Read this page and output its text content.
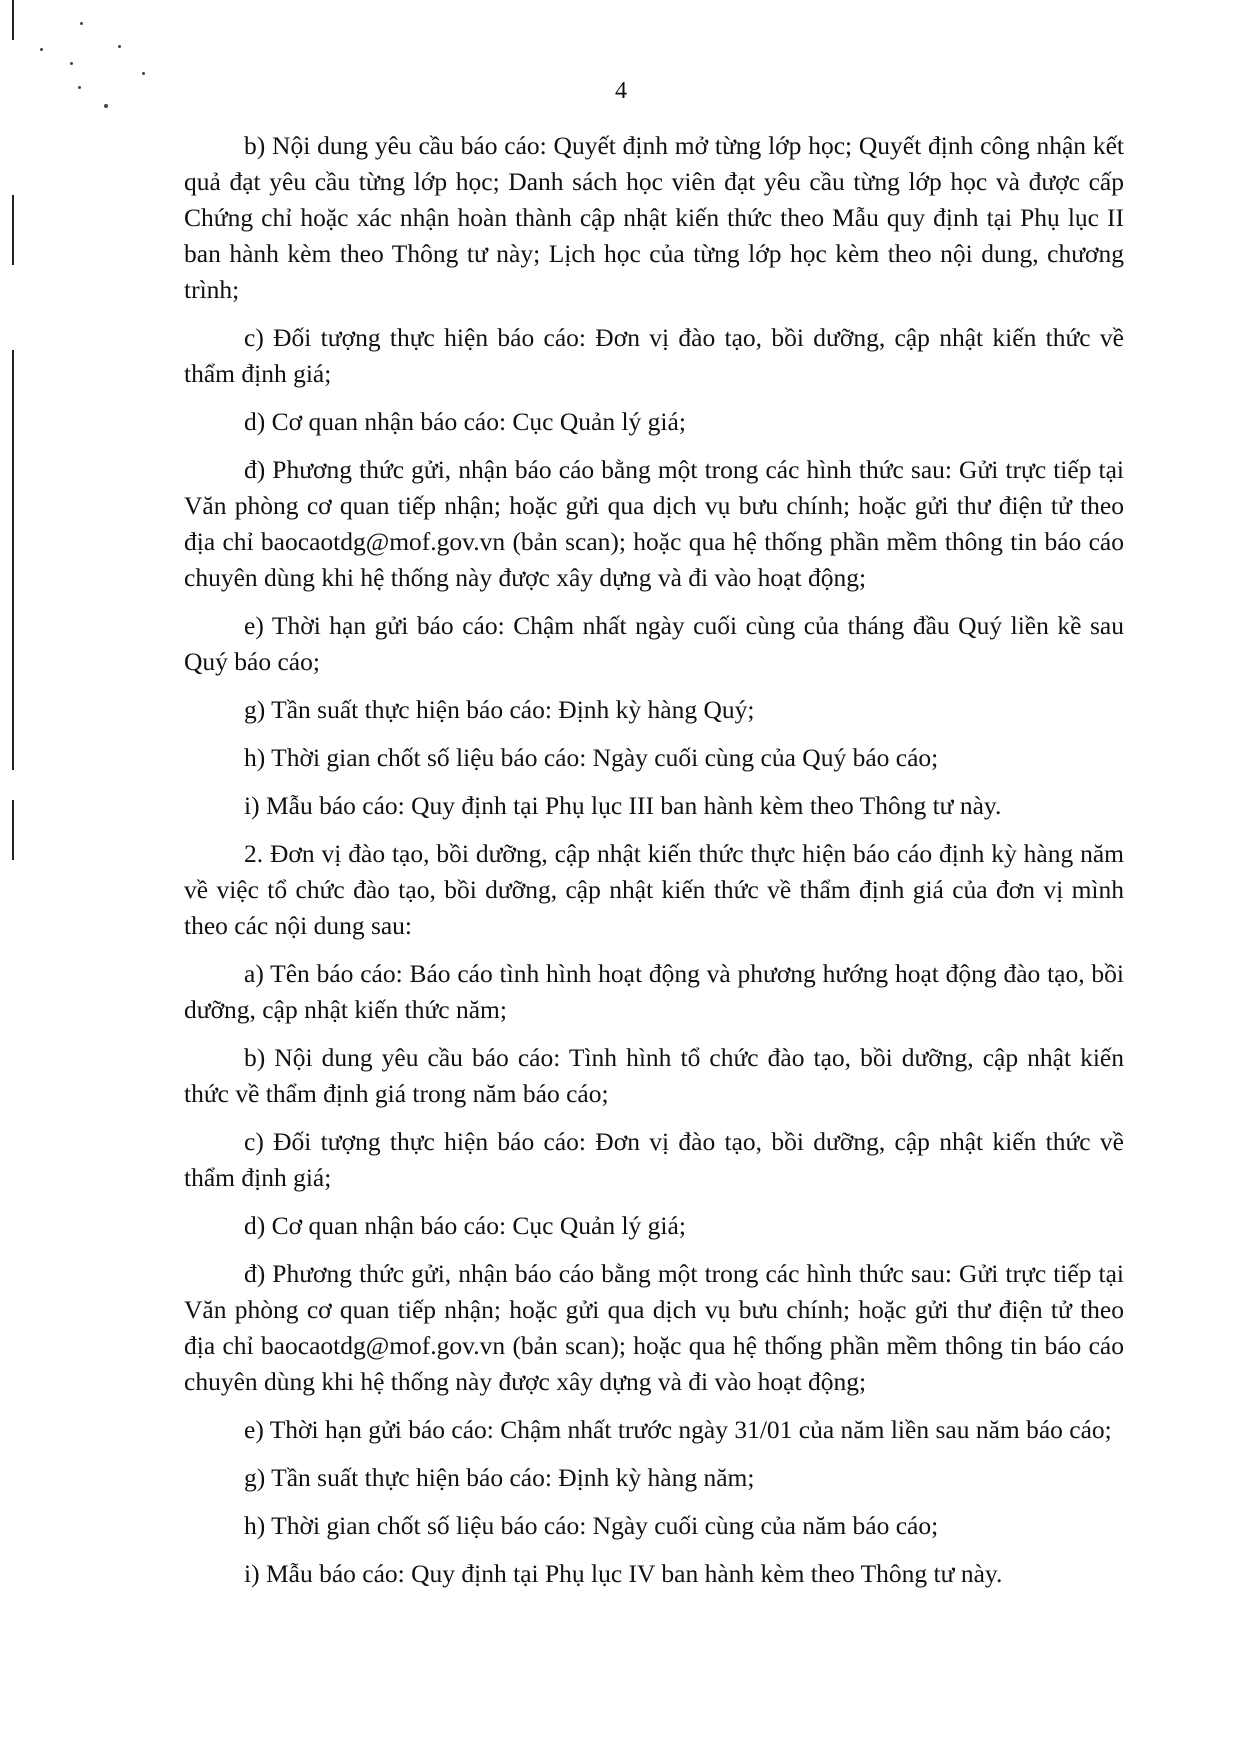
4

b) Nội dung yêu cầu báo cáo: Quyết định mở từng lớp học; Quyết định công nhận kết quả đạt yêu cầu từng lớp học; Danh sách học viên đạt yêu cầu từng lớp học và được cấp Chứng chỉ hoặc xác nhận hoàn thành cập nhật kiến thức theo Mẫu quy định tại Phụ lục II ban hành kèm theo Thông tư này; Lịch học của từng lớp học kèm theo nội dung, chương trình;

c) Đối tượng thực hiện báo cáo: Đơn vị đào tạo, bồi dưỡng, cập nhật kiến thức về thẩm định giá;

d) Cơ quan nhận báo cáo: Cục Quản lý giá;

đ) Phương thức gửi, nhận báo cáo bằng một trong các hình thức sau: Gửi trực tiếp tại Văn phòng cơ quan tiếp nhận; hoặc gửi qua dịch vụ bưu chính; hoặc gửi thư điện tử theo địa chỉ baocaotdg@mof.gov.vn (bản scan); hoặc qua hệ thống phần mềm thông tin báo cáo chuyên dùng khi hệ thống này được xây dựng và đi vào hoạt động;

e) Thời hạn gửi báo cáo: Chậm nhất ngày cuối cùng của tháng đầu Quý liền kề sau Quý báo cáo;

g) Tần suất thực hiện báo cáo: Định kỳ hàng Quý;

h) Thời gian chốt số liệu báo cáo: Ngày cuối cùng của Quý báo cáo;

i) Mẫu báo cáo: Quy định tại Phụ lục III ban hành kèm theo Thông tư này.

2. Đơn vị đào tạo, bồi dưỡng, cập nhật kiến thức thực hiện báo cáo định kỳ hàng năm về việc tổ chức đào tạo, bồi dưỡng, cập nhật kiến thức về thẩm định giá của đơn vị mình theo các nội dung sau:

a) Tên báo cáo: Báo cáo tình hình hoạt động và phương hướng hoạt động đào tạo, bồi dưỡng, cập nhật kiến thức năm;

b) Nội dung yêu cầu báo cáo: Tình hình tổ chức đào tạo, bồi dưỡng, cập nhật kiến thức về thẩm định giá trong năm báo cáo;

c) Đối tượng thực hiện báo cáo: Đơn vị đào tạo, bồi dưỡng, cập nhật kiến thức về thẩm định giá;

d) Cơ quan nhận báo cáo: Cục Quản lý giá;

đ) Phương thức gửi, nhận báo cáo bằng một trong các hình thức sau: Gửi trực tiếp tại Văn phòng cơ quan tiếp nhận; hoặc gửi qua dịch vụ bưu chính; hoặc gửi thư điện tử theo địa chỉ baocaotdg@mof.gov.vn (bản scan); hoặc qua hệ thống phần mềm thông tin báo cáo chuyên dùng khi hệ thống này được xây dựng và đi vào hoạt động;

e) Thời hạn gửi báo cáo: Chậm nhất trước ngày 31/01 của năm liền sau năm báo cáo;

g) Tần suất thực hiện báo cáo: Định kỳ hàng năm;

h) Thời gian chốt số liệu báo cáo: Ngày cuối cùng của năm báo cáo;

i) Mẫu báo cáo: Quy định tại Phụ lục IV ban hành kèm theo Thông tư này.
